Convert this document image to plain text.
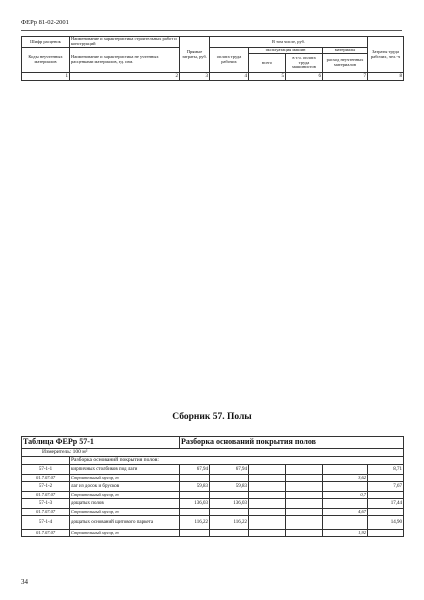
ФЕРр 81-02-2001
Шифр расценок	Наименование и характеристика строительных работ и конструкций	Прямые затраты, руб.	В том числе, руб.				Затраты труда рабочих, чел.-ч
Коды неучтенных материалов	Наименование и характеристика не учтенных расценками материалов, ед. изм.		оплата труда рабочих	эксплуатация машин		материалы	
				всего	в т.ч. оплата труда машинистов	расход неучтенных материалов	
1	2	3	4	5	6	7	8
Сборник 57. Полы
Таблица ФЕРр 57-1		Разборка оснований покрытия полов					
Измеритель: 100 м²							
	Разборка оснований покрытия полов:						
57-1-1	кирпичных столбиков под лаги	67,94	67,94				8,71
01.7.07.07	Строительный мусор, т					3,62	
57-1-2	лаг из досок и брусков	59,83	59,83				7,67
01.7.07.07	Строительный мусор, т					0,7	
57-1-3	дощатых полов	136,03	136,03				17,44
01.7.07.07	Строительный мусор, т					4,67	
57-1-4	дощатых оснований щитового паркета	116,22	116,22				14,90
01.7.07.07	Строительный мусор, т					1,92	
34
